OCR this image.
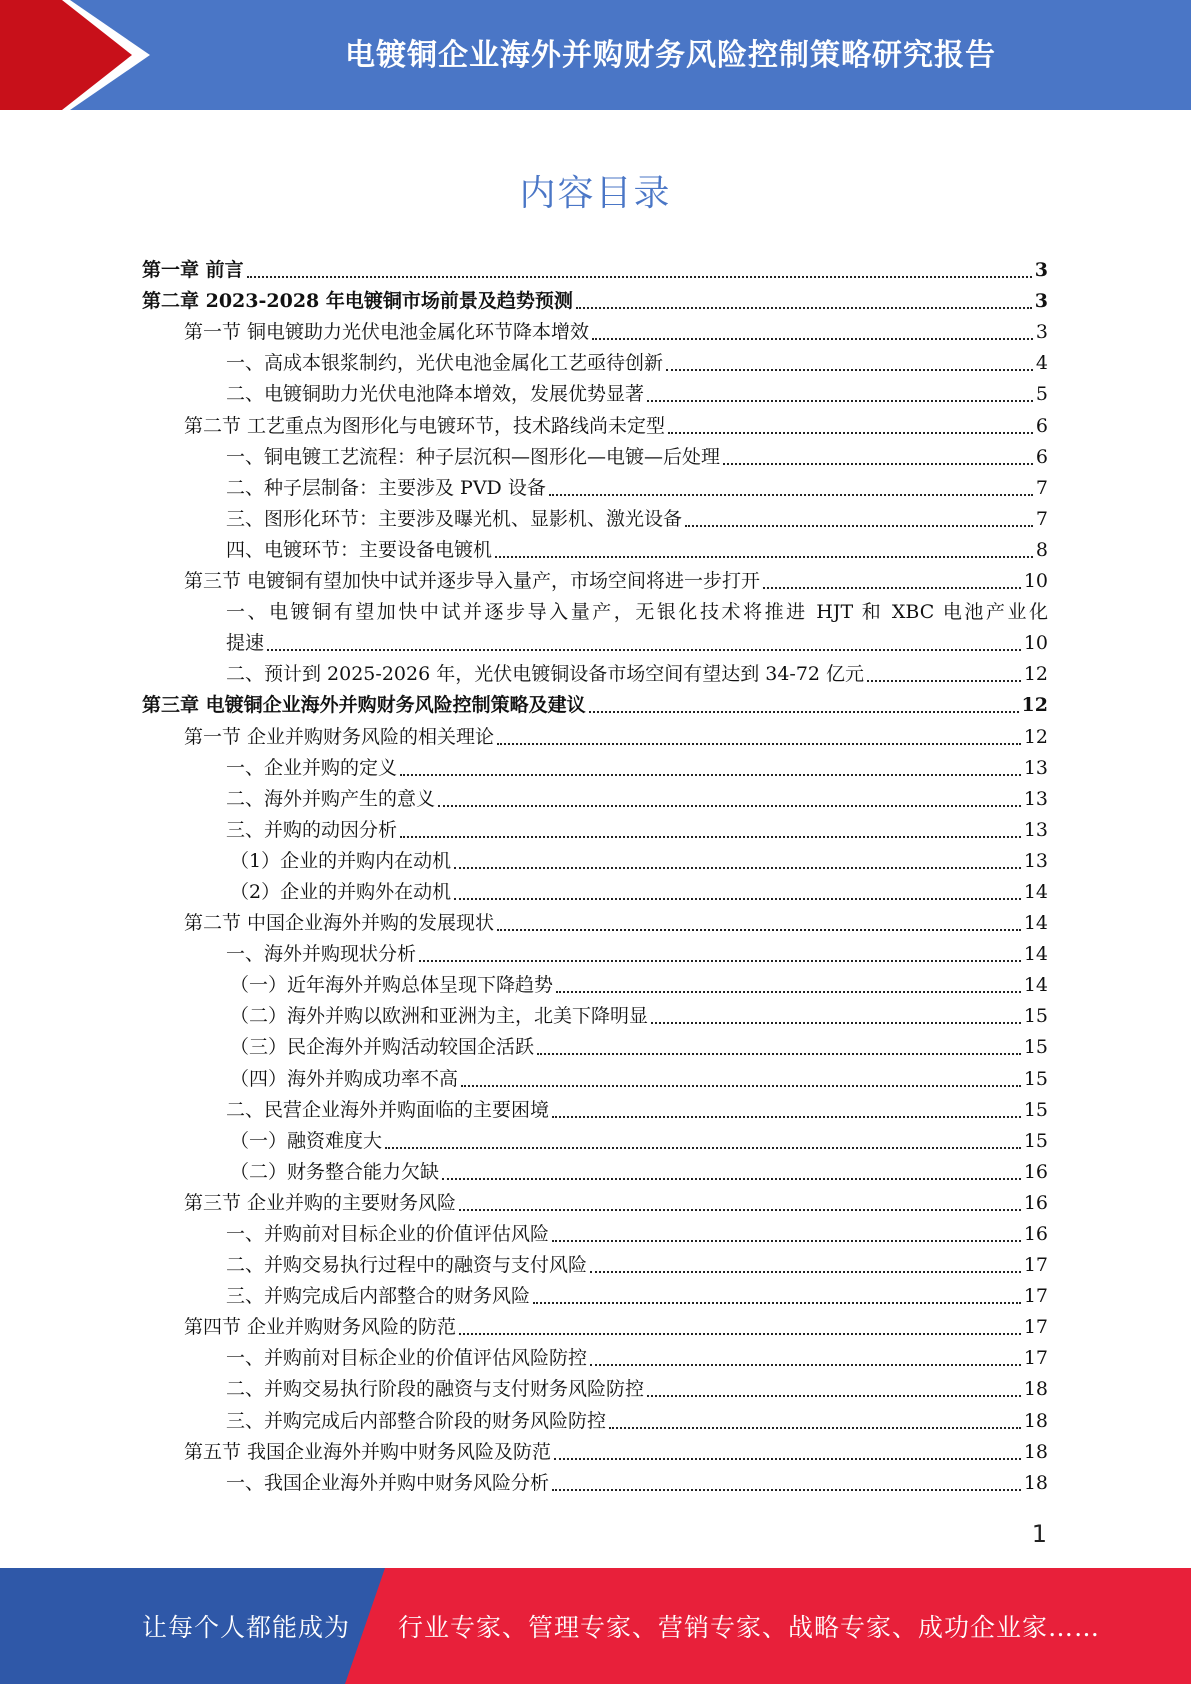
电镀铜企业海外并购财务风险控制策略研究报告
内容目录
第一章 前言	3
第二章 2023-2028 年电镀铜市场前景及趋势预测	3
第一节 铜电镀助力光伏电池金属化环节降本增效	3
一、高成本银浆制约，光伏电池金属化工艺亟待创新	4
二、电镀铜助力光伏电池降本增效，发展优势显著	5
第二节 工艺重点为图形化与电镀环节，技术路线尚未定型	6
一、铜电镀工艺流程：种子层沉积—图形化—电镀—后处理	6
二、种子层制备：主要涉及 PVD 设备	7
三、图形化环节：主要涉及曝光机、显影机、激光设备	7
四、电镀环节：主要设备电镀机	8
第三节 电镀铜有望加快中试并逐步导入量产，市场空间将进一步打开	10
一、电镀铜有望加快中试并逐步导入量产，无银化技术将推进 HJT 和 XBC 电池产业化
提速	10
二、预计到 2025-2026 年，光伏电镀铜设备市场空间有望达到 34-72 亿元	12
第三章 电镀铜企业海外并购财务风险控制策略及建议	12
第一节 企业并购财务风险的相关理论	12
一、企业并购的定义	13
二、海外并购产生的意义	13
三、并购的动因分析	13
（1）企业的并购内在动机	13
（2）企业的并购外在动机	14
第二节 中国企业海外并购的发展现状	14
一、海外并购现状分析	14
（一）近年海外并购总体呈现下降趋势	14
（二）海外并购以欧洲和亚洲为主，北美下降明显	15
（三）民企海外并购活动较国企活跃	15
（四）海外并购成功率不高	15
二、民营企业海外并购面临的主要困境	15
（一）融资难度大	15
（二）财务整合能力欠缺	16
第三节 企业并购的主要财务风险	16
一、并购前对目标企业的价值评估风险	16
二、并购交易执行过程中的融资与支付风险	17
三、并购完成后内部整合的财务风险	17
第四节 企业并购财务风险的防范	17
一、并购前对目标企业的价值评估风险防控	17
二、并购交易执行阶段的融资与支付财务风险防控	18
三、并购完成后内部整合阶段的财务风险防控	18
第五节 我国企业海外并购中财务风险及防范	18
一、我国企业海外并购中财务风险分析	18
1
让每个人都能成为 行业专家、管理专家、营销专家、战略专家、成功企业家……
